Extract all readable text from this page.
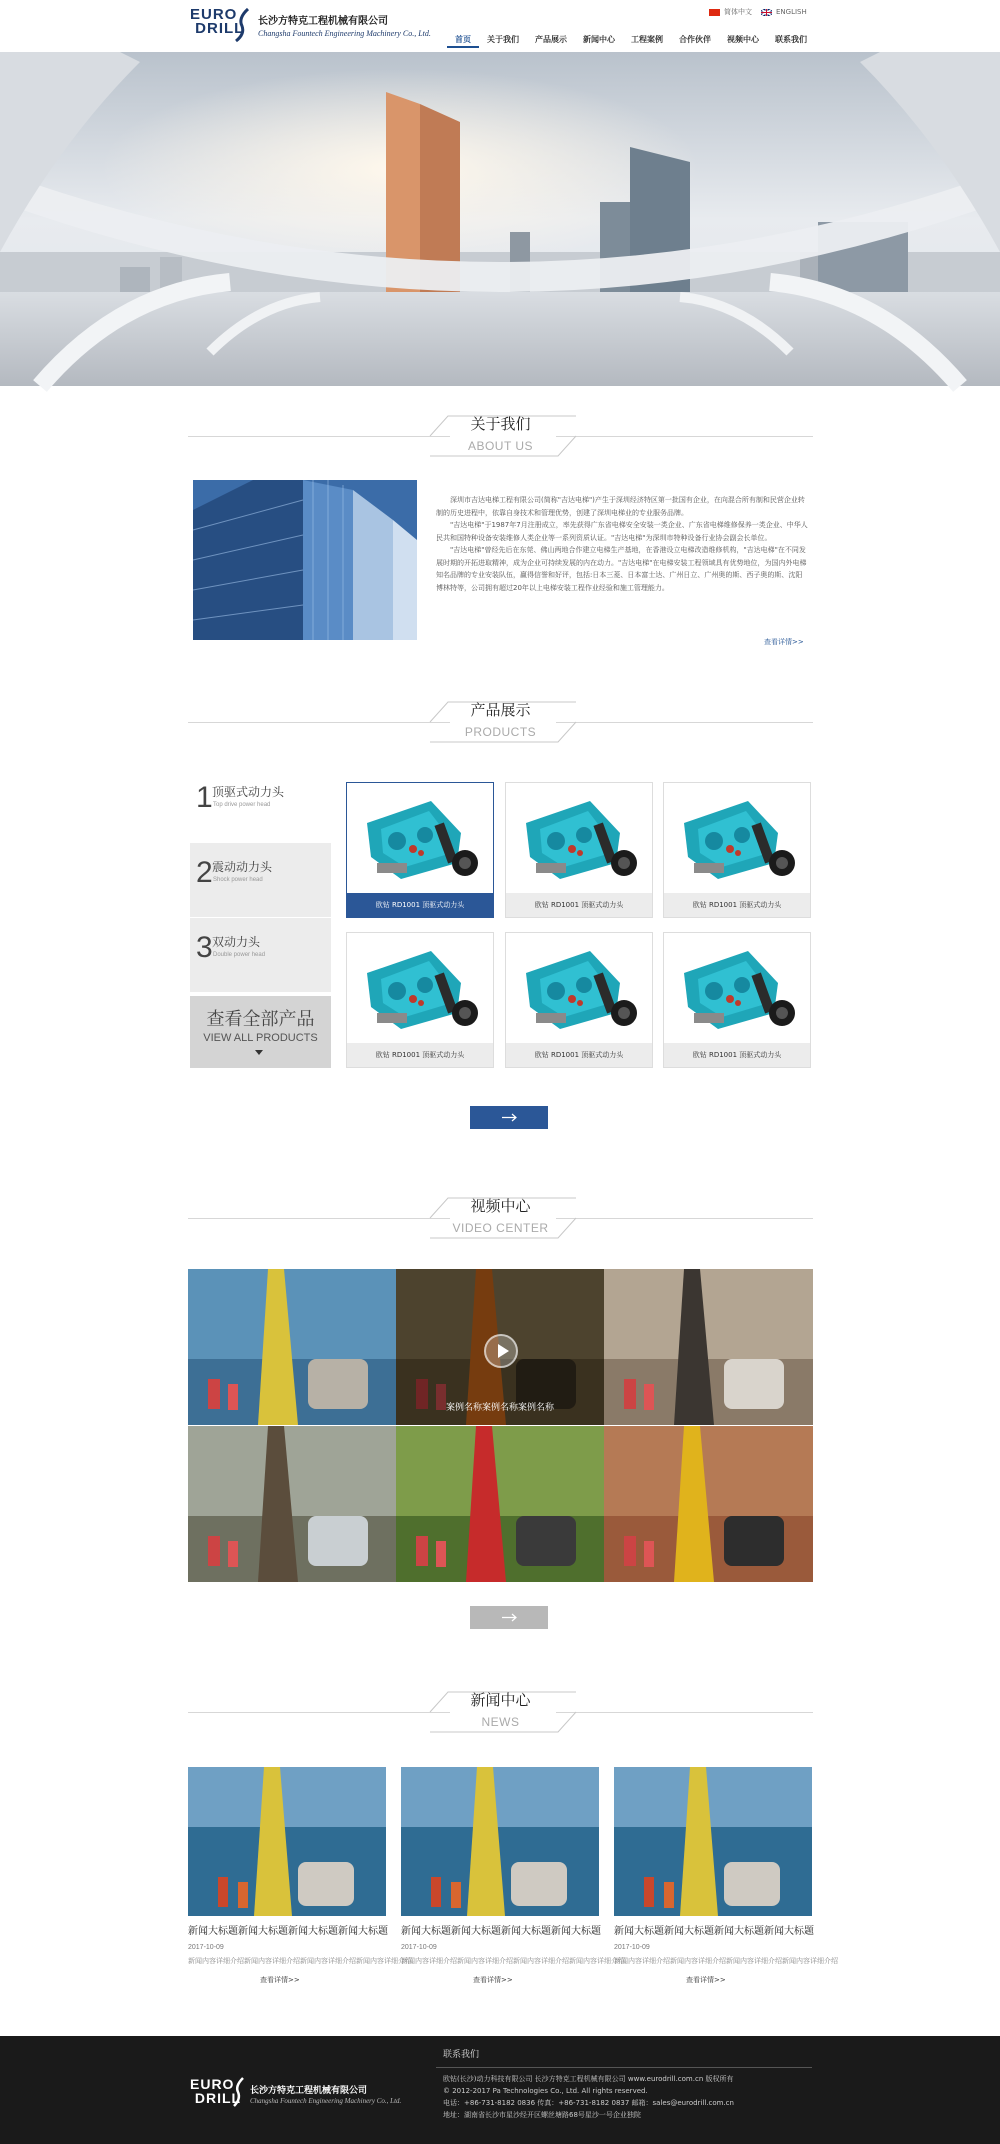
EURO
DRILL 长沙方特克工程机械有限公司
Changsha Fountech Engineering Machinery Co., Ltd.
简体中文	ENGLISH
首页	关于我们	产品展示	新闻中心	工程案例	合作伙伴	视频中心	联系我们
关于我们
ABOUT US

深圳市吉达电梯工程有限公司(简称"吉达电梯")产生于深圳经济特区第一批国有企业，在向混合所有制和民营企业转制的历史进程中，依靠自身技术和管理优势，创建了深圳电梯业的专业服务品牌。

"吉达电梯"于1987年7月注册成立，率先获得广东省电梯安全安装一类企业、广东省电梯维修保养一类企业、中华人民共和国特种设备安装维修人类企业等一系列资质认证。"吉达电梯"为深圳市特种设备行业协会副会长单位。

"吉达电梯"曾经先后在东莞、佛山两地合作建立电梯生产基地，在香港设立电梯改造维修机构，"吉达电梯"在不同发展时期的开拓进取精神，成为企业可持续发展的内在动力。"吉达电梯"在电梯安装工程领域具有优势地位，为国内外电梯知名品牌的专业安装队伍，赢得信誉和好评，包括:日本三菱、日本富士达、广州日立、广州奥的斯、西子奥的斯、沈阳博林特等，公司拥有超过20年以上电梯安装工程作业经验和施工管理能力。

查看详情>>
产品展示
PRODUCTS
1 顶驱式动力头
Top drive power head
2 震动动力头
Shock power head
3 双动力头
Double power head
查看全部产品
VIEW ALL PRODUCTS
欧钻 RD1001 顶驱式动力头	欧钻 RD1001 顶驱式动力头	欧钻 RD1001 顶驱式动力头
欧钻 RD1001 顶驱式动力头	欧钻 RD1001 顶驱式动力头	欧钻 RD1001 顶驱式动力头
视频中心
VIDEO CENTER
案例名称案例名称案例名称
新闻中心
NEWS
新闻大标题新闻大标题新闻大标题新闻大标题
2017-10-09
新闻内容详细介绍新闻内容详细介绍新闻内容详细介绍新闻内容详细介绍
查看详情>>
新闻大标题新闻大标题新闻大标题新闻大标题
2017-10-09
新闻内容详细介绍新闻内容详细介绍新闻内容详细介绍新闻内容详细介绍
查看详情>>
新闻大标题新闻大标题新闻大标题新闻大标题
2017-10-09
新闻内容详细介绍新闻内容详细介绍新闻内容详细介绍新闻内容详细介绍
查看详情>>
EURO
DRILL 长沙方特克工程机械有限公司
Changsha Fountech Engineering Machinery Co., Ltd.
联系我们
欧钻(长沙)动力科技有限公司 长沙方特克工程机械有限公司 www.eurodrill.com.cn 版权所有
© 2012-2017 Pa Technologies Co., Ltd. All rights reserved.
电话：+86-731-8182 0836 传真：+86-731-8182 0837 邮箱：sales@eurodrill.com.cn
地址：湖南省长沙市星沙经开区螺丝塘路68号星沙一号企业独院
